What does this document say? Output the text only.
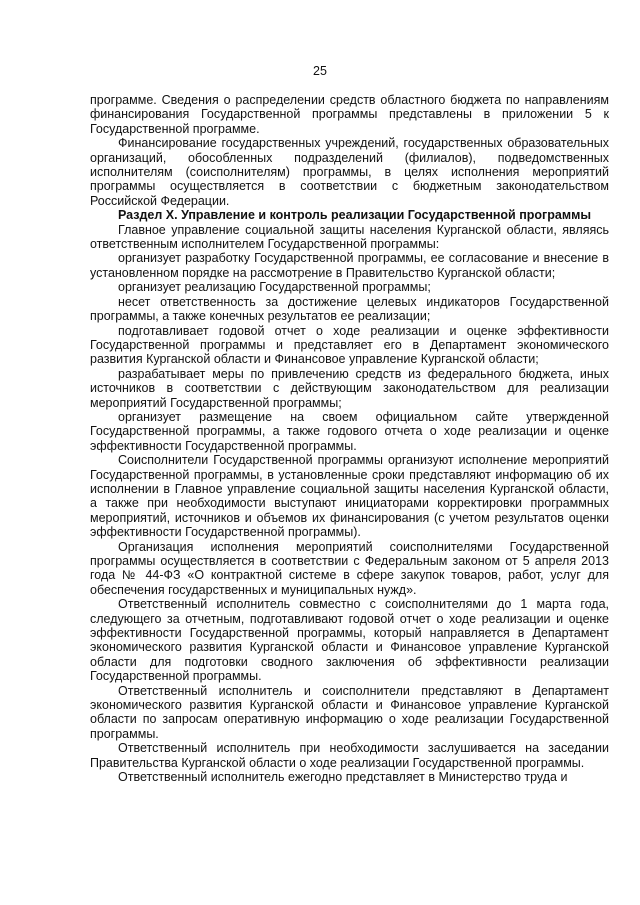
25

программе. Сведения о распределении средств областного бюджета по направлениям финансирования Государственной программы представлены в приложении 5 к Государственной программе.

Финансирование государственных учреждений, государственных образовательных организаций, обособленных подразделений (филиалов), подведомственных исполнителям (соисполнителям) программы, в целях исполнения мероприятий программы осуществляется в соответствии с бюджетным законодательством Российской Федерации.

Раздел X. Управление и контроль реализации Государственной программы

Главное управление социальной защиты населения Курганской области, являясь ответственным исполнителем Государственной программы:

организует разработку Государственной программы, ее согласование и внесение в установленном порядке на рассмотрение в Правительство Курганской области;

организует реализацию Государственной программы;

несет ответственность за достижение целевых индикаторов Государственной программы, а также конечных результатов ее реализации;

подготавливает годовой отчет о ходе реализации и оценке эффективности Государственной программы и представляет его в Департамент экономического развития Курганской области и Финансовое управление Курганской области;

разрабатывает меры по привлечению средств из федерального бюджета, иных источников в соответствии с действующим законодательством для реализации мероприятий Государственной программы;

организует размещение на своем официальном сайте утвержденной Государственной программы, а также годового отчета о ходе реализации и оценке эффективности Государственной программы.

Соисполнители Государственной программы организуют исполнение мероприятий Государственной программы, в установленные сроки представляют информацию об их исполнении в Главное управление социальной защиты населения Курганской области, а также при необходимости выступают инициаторами корректировки программных мероприятий, источников и объемов их финансирования (с учетом результатов оценки эффективности Государственной программы).

Организация исполнения мероприятий соисполнителями Государственной программы осуществляется в соответствии с Федеральным законом от 5 апреля 2013 года № 44-ФЗ «О контрактной системе в сфере закупок товаров, работ, услуг для обеспечения государственных и муниципальных нужд».

Ответственный исполнитель совместно с соисполнителями до 1 марта года, следующего за отчетным, подготавливают годовой отчет о ходе реализации и оценке эффективности Государственной программы, который направляется в Департамент экономического развития Курганской области и Финансовое управление Курганской области для подготовки сводного заключения об эффективности реализации Государственной программы.

Ответственный исполнитель и соисполнители представляют в Департамент экономического развития Курганской области и Финансовое управление Курганской области по запросам оперативную информацию о ходе реализации Государственной программы.

Ответственный исполнитель при необходимости заслушивается на заседании Правительства Курганской области о ходе реализации Государственной программы.

Ответственный исполнитель ежегодно представляет в Министерство труда и
